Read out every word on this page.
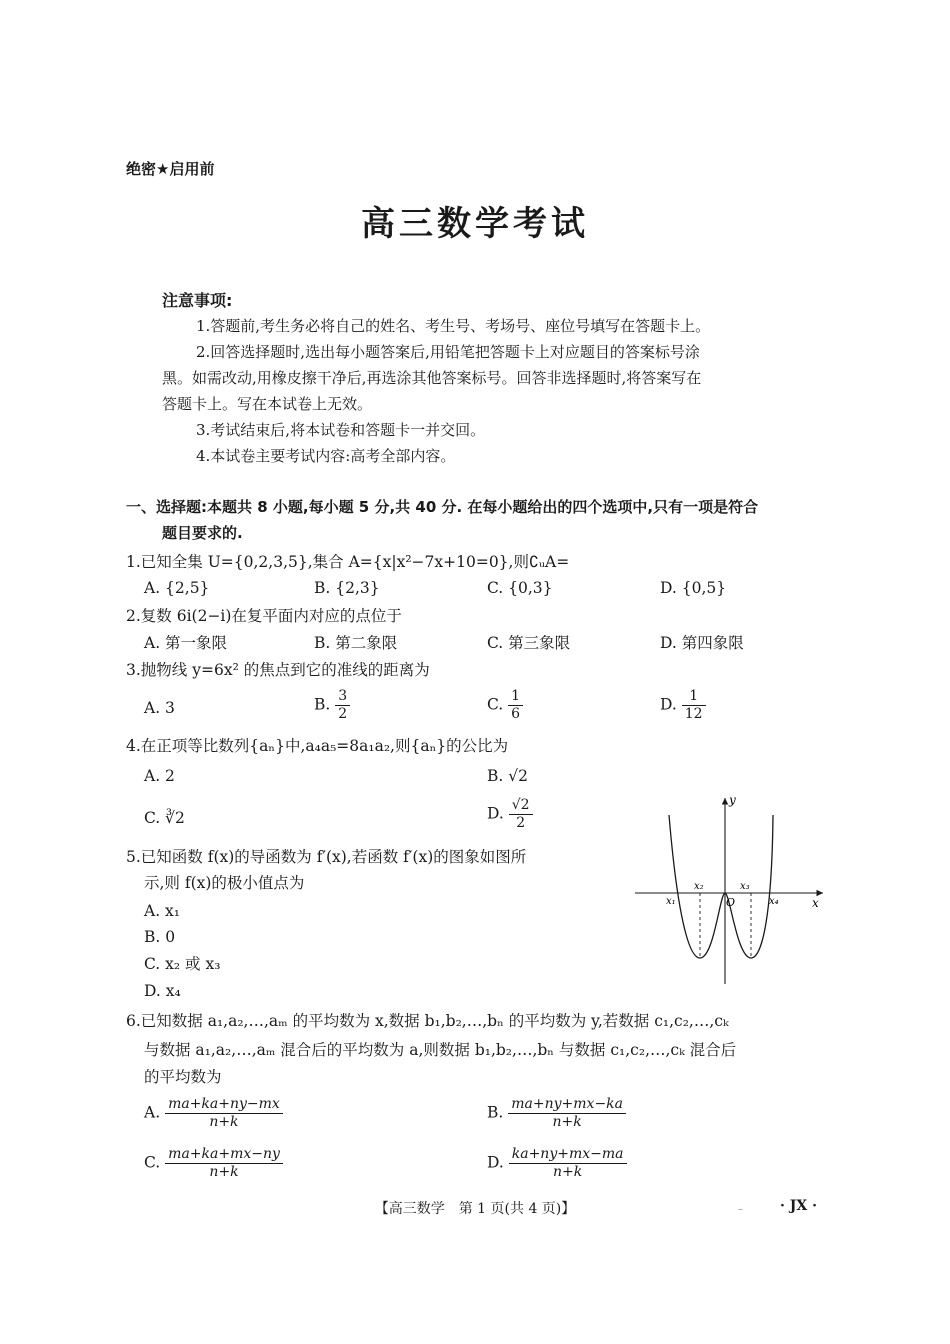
绝密★启用前
高三数学考试
注意事项:
1.答题前,考生务必将自己的姓名、考生号、考场号、座位号填写在答题卡上。
2.回答选择题时,选出每小题答案后,用铅笔把答题卡上对应题目的答案标号涂
黑。如需改动,用橡皮擦干净后,再选涂其他答案标号。回答非选择题时,将答案写在
答题卡上。写在本试卷上无效。
3.考试结束后,将本试卷和答题卡一并交回。
4.本试卷主要考试内容:高考全部内容。
一、选择题:本题共 8 小题,每小题 5 分,共 40 分. 在每小题给出的四个选项中,只有一项是符合
题目要求的.
1.已知全集 U={0,2,3,5},集合 A={x|x²−7x+10=0},则∁ᵤA=
A. {2,5}	B. {2,3}	C. {0,3}	D. {0,5}
2.复数 6i(2−i)在复平面内对应的点位于
A. 第一象限	B. 第二象限	C. 第三象限	D. 第四象限
3.抛物线 y=6x² 的焦点到它的准线的距离为
A. 3	B. $\frac{3}{2}$	C. $\frac{1}{6}$	D. $\frac{1}{12}$
4.在正项等比数列{aₙ}中,a₄a₅=8a₁a₂,则{aₙ}的公比为
A. 2	B. √2
C. ∛2	D. $\frac{√2}{2}$
5.已知函数 f(x)的导函数为 f′(x),若函数 f′(x)的图象如图所
示,则 f(x)的极小值点为
A. x₁
B. 0
C. x₂ 或 x₃
D. x₄
y
x
O
x₁
x₂	x₃
x₄
6.已知数据 a₁,a₂,…,aₘ 的平均数为 x,数据 b₁,b₂,…,bₙ 的平均数为 y,若数据 c₁,c₂,…,cₖ
与数据 a₁,a₂,…,aₘ 混合后的平均数为 a,则数据 b₁,b₂,…,bₙ 与数据 c₁,c₂,…,cₖ 混合后
的平均数为
A. $\frac{ma+ka+ny-mx}{n+k}$	B. $\frac{ma+ny+mx-ka}{n+k}$
C. $\frac{ma+ka+mx-ny}{n+k}$	D. $\frac{ka+ny+mx-ma}{n+k}$
【高三数学　第 1 页(共 4 页)】	–	· JX ·
